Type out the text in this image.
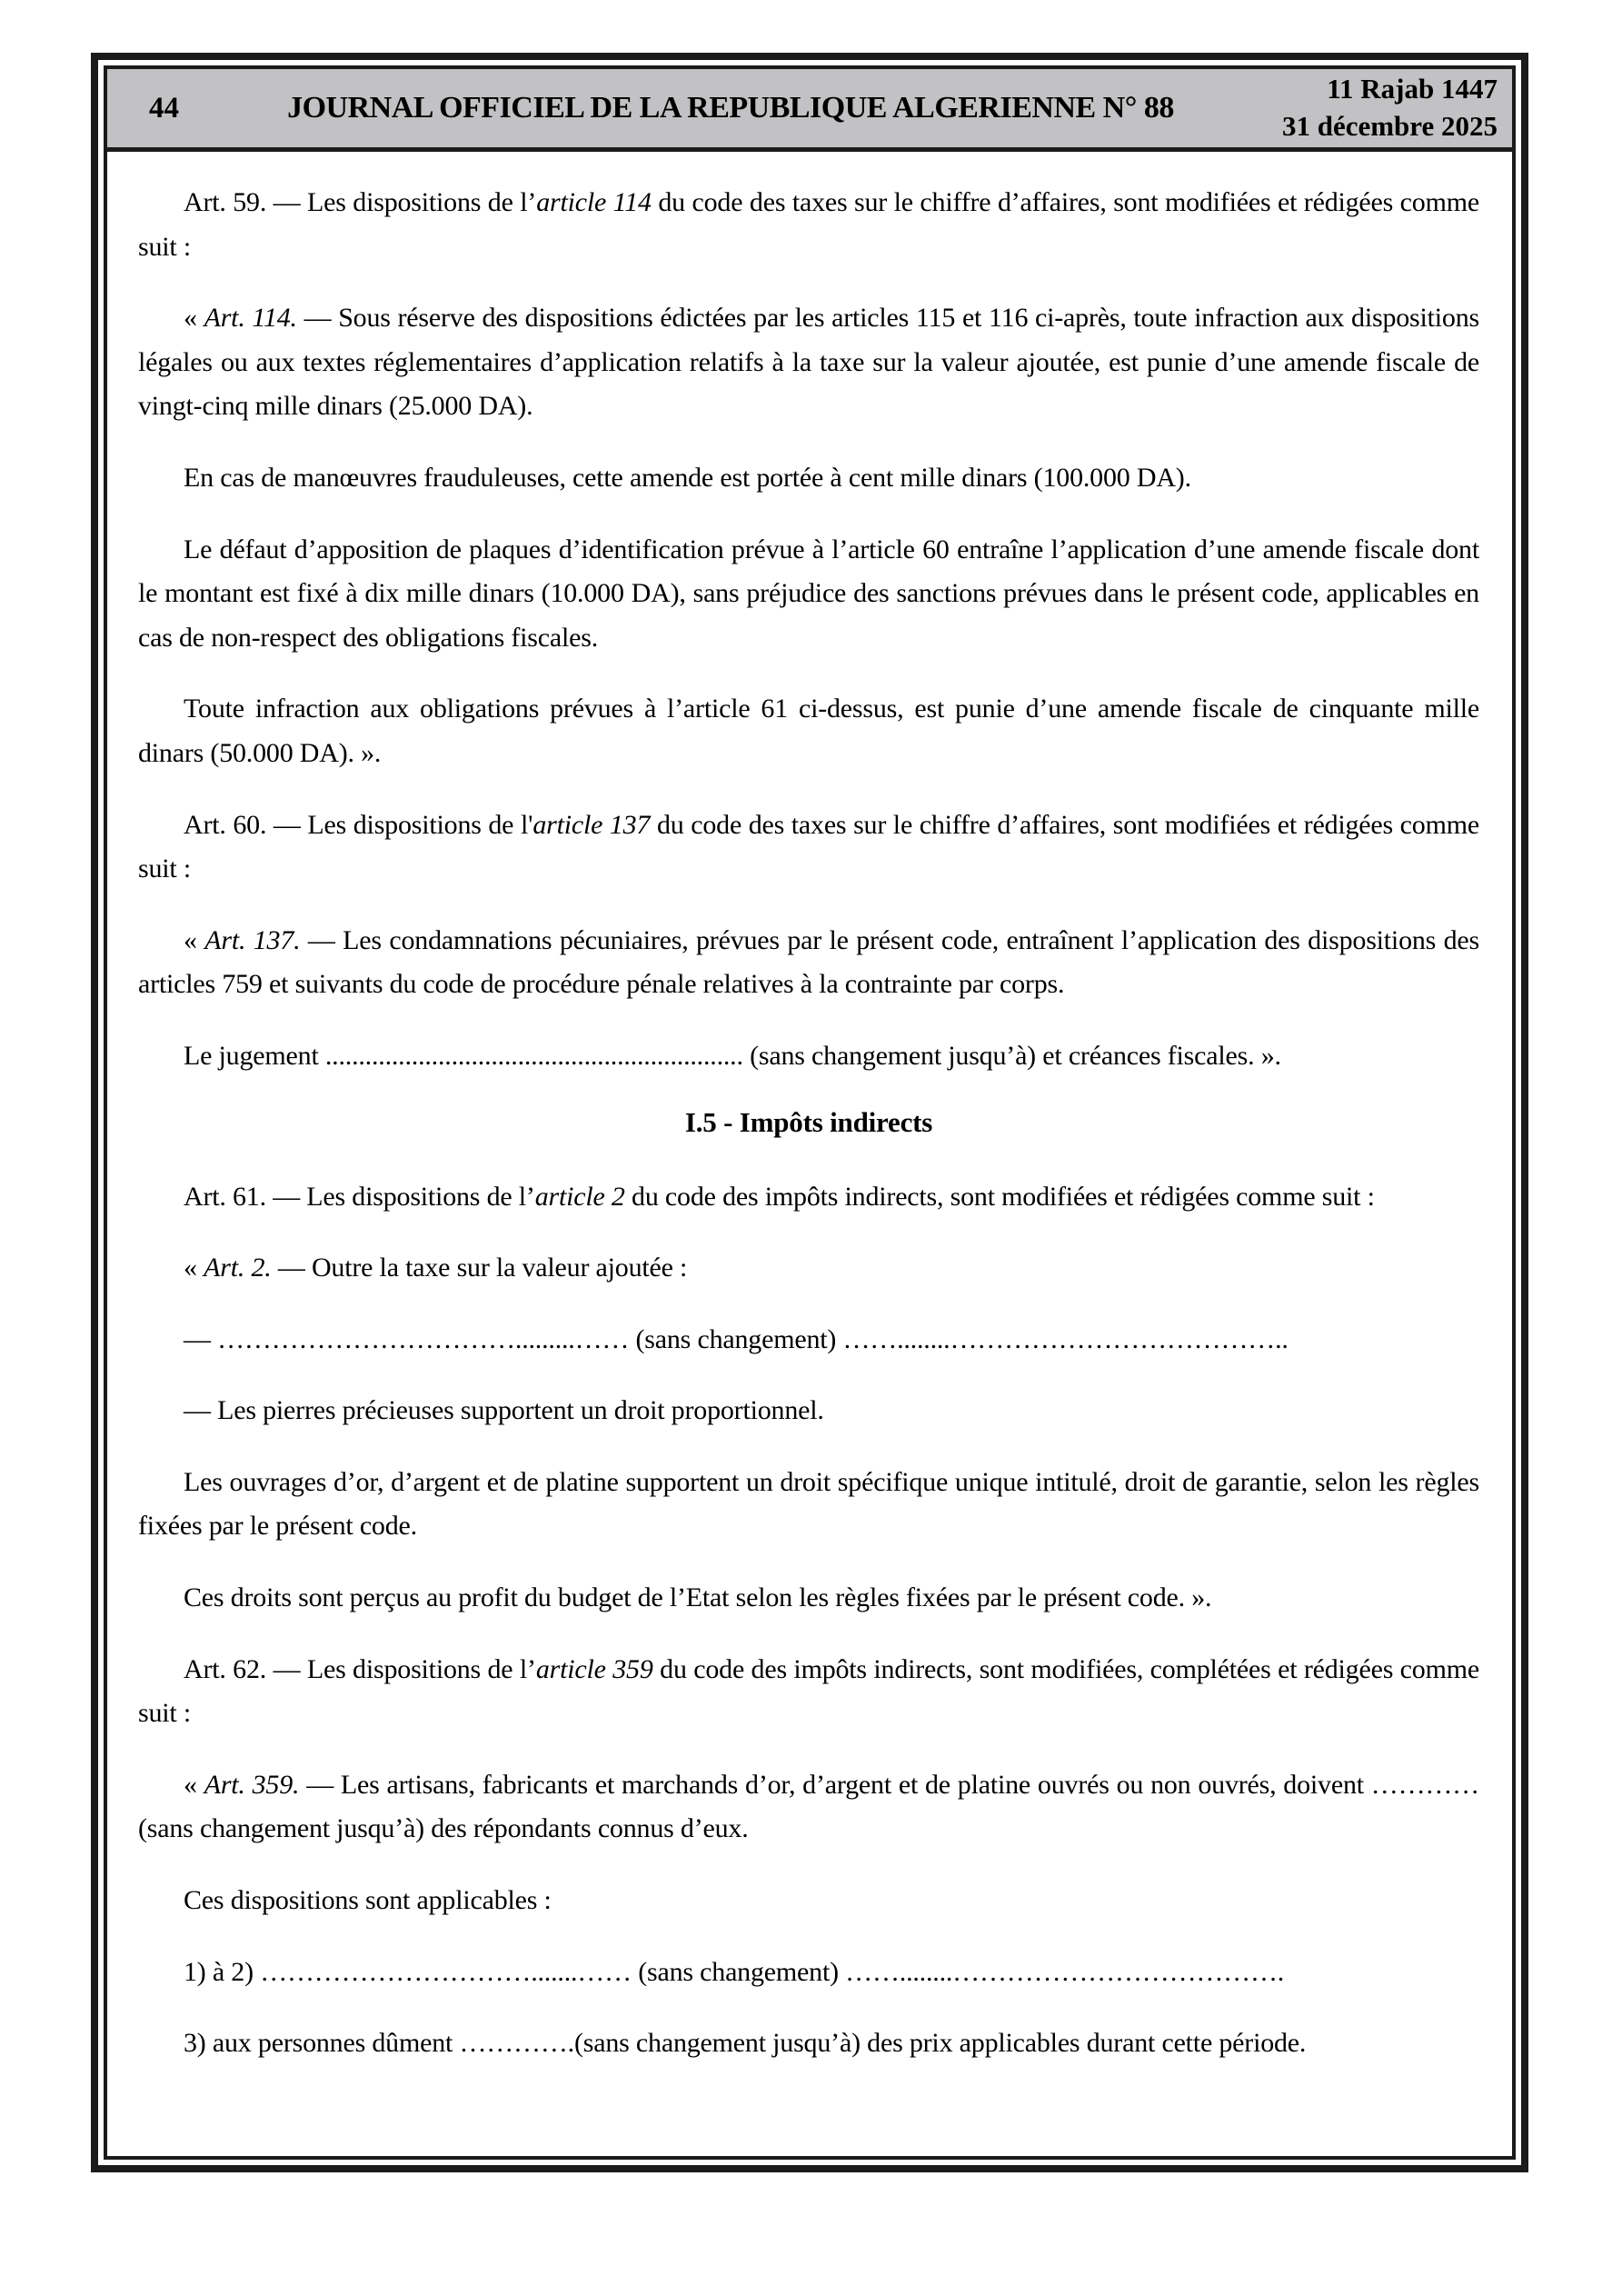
44	JOURNAL OFFICIEL DE LA REPUBLIQUE ALGERIENNE N° 88
11 Rajab 1447
31 décembre 2025

Art. 59. — Les dispositions de l’article 114 du code des taxes sur le chiffre d’affaires, sont modifiées et rédigées comme suit :

« Art. 114. — Sous réserve des dispositions édictées par les articles 115 et 116 ci-après, toute infraction aux dispositions légales ou aux textes réglementaires d’application relatifs à la taxe sur la valeur ajoutée, est punie d’une amende fiscale de vingt-cinq mille dinars (25.000 DA).

En cas de manœuvres frauduleuses, cette amende est portée à cent mille dinars (100.000 DA).

Le défaut d’apposition de plaques d’identification prévue à l’article 60 entraîne l’application d’une amende fiscale dont le montant est fixé à dix mille dinars (10.000 DA), sans préjudice des sanctions prévues dans le présent code, applicables en cas de non-respect des obligations fiscales.

Toute infraction aux obligations prévues à l’article 61 ci-dessus, est punie d’une amende fiscale de cinquante mille dinars (50.000 DA). ».

Art. 60. — Les dispositions de l'article 137 du code des taxes sur le chiffre d’affaires, sont modifiées et rédigées comme suit :

« Art. 137. — Les condamnations pécuniaires, prévues par le présent code, entraînent l’application des dispositions des articles 759 et suivants du code de procédure pénale relatives à la contrainte par corps.

Le jugement ............................................................... (sans changement jusqu’à) et créances fiscales. ».

I.5 - Impôts indirects

Art. 61. — Les dispositions de l’article 2 du code des impôts indirects, sont modifiées et rédigées comme suit :

« Art. 2. — Outre la taxe sur la valeur ajoutée :

— …………………………….........…… (sans changement) ……........………………………………..

— Les pierres précieuses supportent un droit proportionnel.

Les ouvrages d’or, d’argent et de platine supportent un droit spécifique unique intitulé, droit de garantie, selon les règles fixées par le présent code.

Ces droits sont perçus au profit du budget de l’Etat selon les règles fixées par le présent code. ».

Art. 62. — Les dispositions de l’article 359 du code des impôts indirects, sont modifiées, complétées et rédigées comme suit :

« Art. 359. — Les artisans, fabricants et marchands d’or, d’argent et de platine ouvrés ou non ouvrés, doivent ………… (sans changement jusqu’à) des répondants connus d’eux.

Ces dispositions sont applicables :

1) à 2) ………………………….......…… (sans changement) ……........……………………………….

3) aux personnes dûment ………….(sans changement jusqu’à) des prix applicables durant cette période.
